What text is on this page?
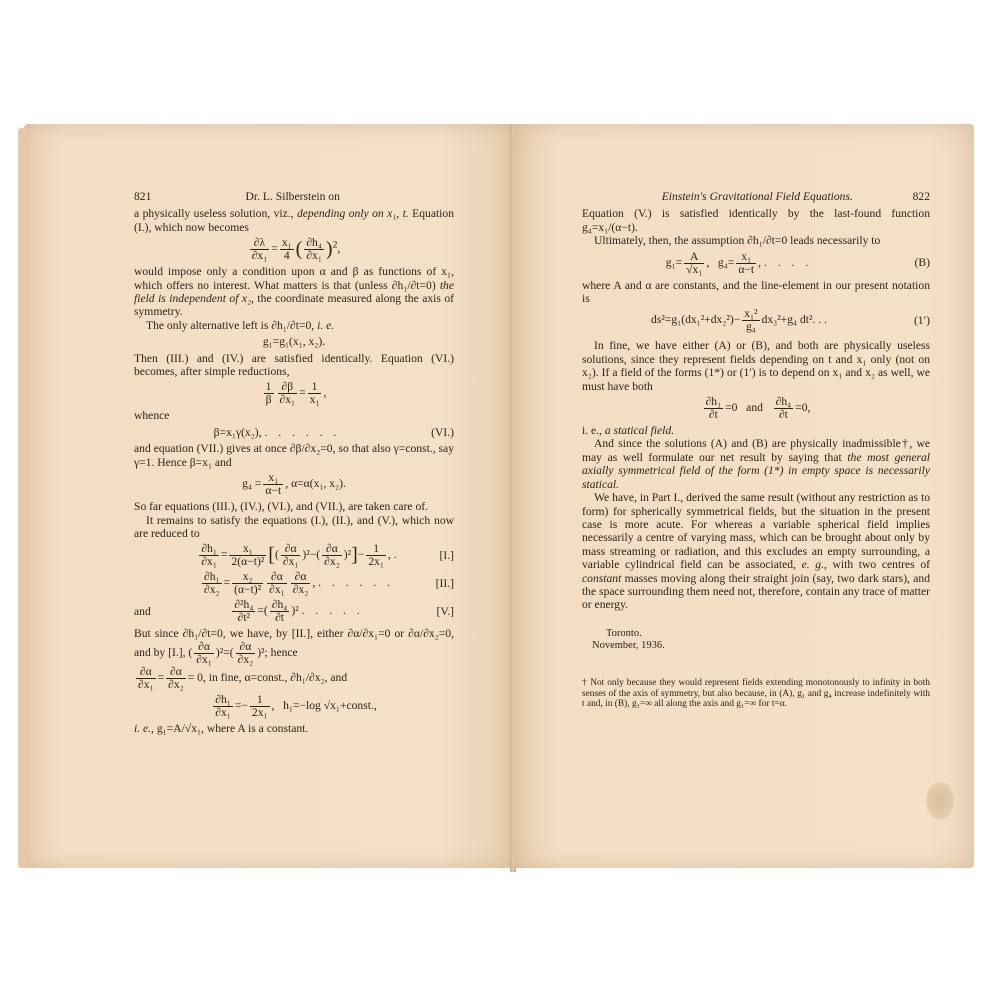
821	Dr. L. Silberstein on

a physically useless solution, viz., depending only on x₁, t. Equation (I.), which now becomes

$\frac{\partial\lambda}{\text{∂x₁}} = \frac{\text{x₁}}{4}$ ( $\frac{\text{∂h₄}}{\text{∂x₁}} )^2$,

would impose only a condition upon α and β as functions of x₁, which offers no interest. What matters is that (unless ∂h₁/∂t=0) the field is independent of x₂, the coordinate measured along the axis of symmetry.

The only alternative left is ∂h₁/∂t=0, i. e.

g₁=g₁(x₁, x₂).

Then (III.) and (IV.) are satisfied identically. Equation (VI.) becomes, after simple reductions,

$\frac{1}{\beta} \frac{\partial\beta}{\text{∂x₁}} = \frac{1}{\text{x₁}}$ ,

whence

β=x₁γ(x₂), . . . . . .	(VI.)

and equation (VII.) gives at once ∂β/∂x₂=0, so that also γ=const., say γ=1. Hence β=x₁ and

$g_4 = \frac{\text{x₁}}{\alpha-t}$ , α=α(x₁, x₂).

So far equations (III.), (IV.), (VI.), and (VII.), are taken care of.

It remains to satisfy the equations (I.), (II.), and (V.), which now are reduced to

$\frac{\text{∂h₁}}{\text{∂x₁}} = \frac{\text{x₁}}{\text{2(α−t)²}}$ [( $\frac{\partial\alpha}{\text{∂x₁}} )^2-( \frac{\partial\alpha}{\text{∂x₂}} )^2]- \frac{1}{\text{2x₁}}$ , .	[I.]
$\frac{\text{∂h₁}}{\text{∂x₂}} = \frac{\text{x₂}}{\text{(α−t)²}} \frac{\partial\alpha}{\text{∂x₁}} \frac{\partial\alpha}{\text{∂x₂}}$ , . . . . . .	[II.]
and	$\frac{\text{∂²h₄}}{\text{∂t²}}$ =( $\frac{\text{∂h₄}}{\partial t} )^2$ . . . . .	[V.]

But since ∂h₁/∂t=0, we have, by [II.], either ∂α/∂x₁=0 or ∂α/∂x₂=0, and by [I.], ( $\frac{\partial\alpha}{\text{∂x₁}} )^2=( \frac{\partial\alpha}{\text{∂x₂}} )^2$; hence

$\frac{\partial\alpha}{\text{∂x₁}} = \frac{\partial\alpha}{\text{∂x₂}} = 0$, in fine, α=const., ∂h₁/∂x₂, and

$\frac{\text{∂h₁}}{\text{∂x₁}} =- \frac{1}{\text{2x₁}}$ ,   h₁=−log √x₁+const.,

i. e., g₁=A/√x₁, where A is a constant.

Einstein's Gravitational Field Equations.	822

Equation (V.) is satisfied identically by the last-found function g₄=x₁/(α−t).

Ultimately, then, the assumption ∂h₁/∂t=0 leads necessarily to

$g_1= \frac{A}{\text{√x₁}}$ ,   $g_4= \frac{\text{x₁}}{\alpha-t}$ , . . . .	(B)

where A and α are constants, and the line-element in our present notation is

$ds^2=g_1(dx_1^2+dx_2^2)- \frac{\text{x₁²}}{\text{g₄}} dx_3^2+g_4$ dt². . .	(1′)

In fine, we have either (A) or (B), and both are physically useless solutions, since they represent fields depending on t and x₁ only (not on x₂). If a field of the forms (1*) or (1′) is to depend on x₁ and x₂ as well, we must have both

$\frac{\text{∂h₁}}{\partial t} =0$   and $\frac{\text{∂h₄}}{\partial t} =0$,

i. e., a statical field.

And since the solutions (A) and (B) are physically inadmissible†, we may as well formulate our net result by saying that the most general axially symmetrical field of the form (1*) in empty space is necessarily statical.

We have, in Part I., derived the same result (without any restriction as to form) for spherically symmetrical fields, but the situation in the present case is more acute. For whereas a variable spherical field implies necessarily a centre of varying mass, which can be brought about only by mass streaming or radiation, and this excludes an empty surrounding, a variable cylindrical field can be associated, e. g., with two centres of constant masses moving along their straight join (say, two dark stars), and the space surrounding them need not, therefore, contain any trace of matter or energy.

Toronto.
November, 1936.

† Not only because they would represent fields extending monotonously to infinity in both senses of the axis of symmetry, but also because, in (A), g₁ and g₄ increase indefinitely with t and, in (B), g₁=∞ all along the axis and g₁=∞ for t=α.
